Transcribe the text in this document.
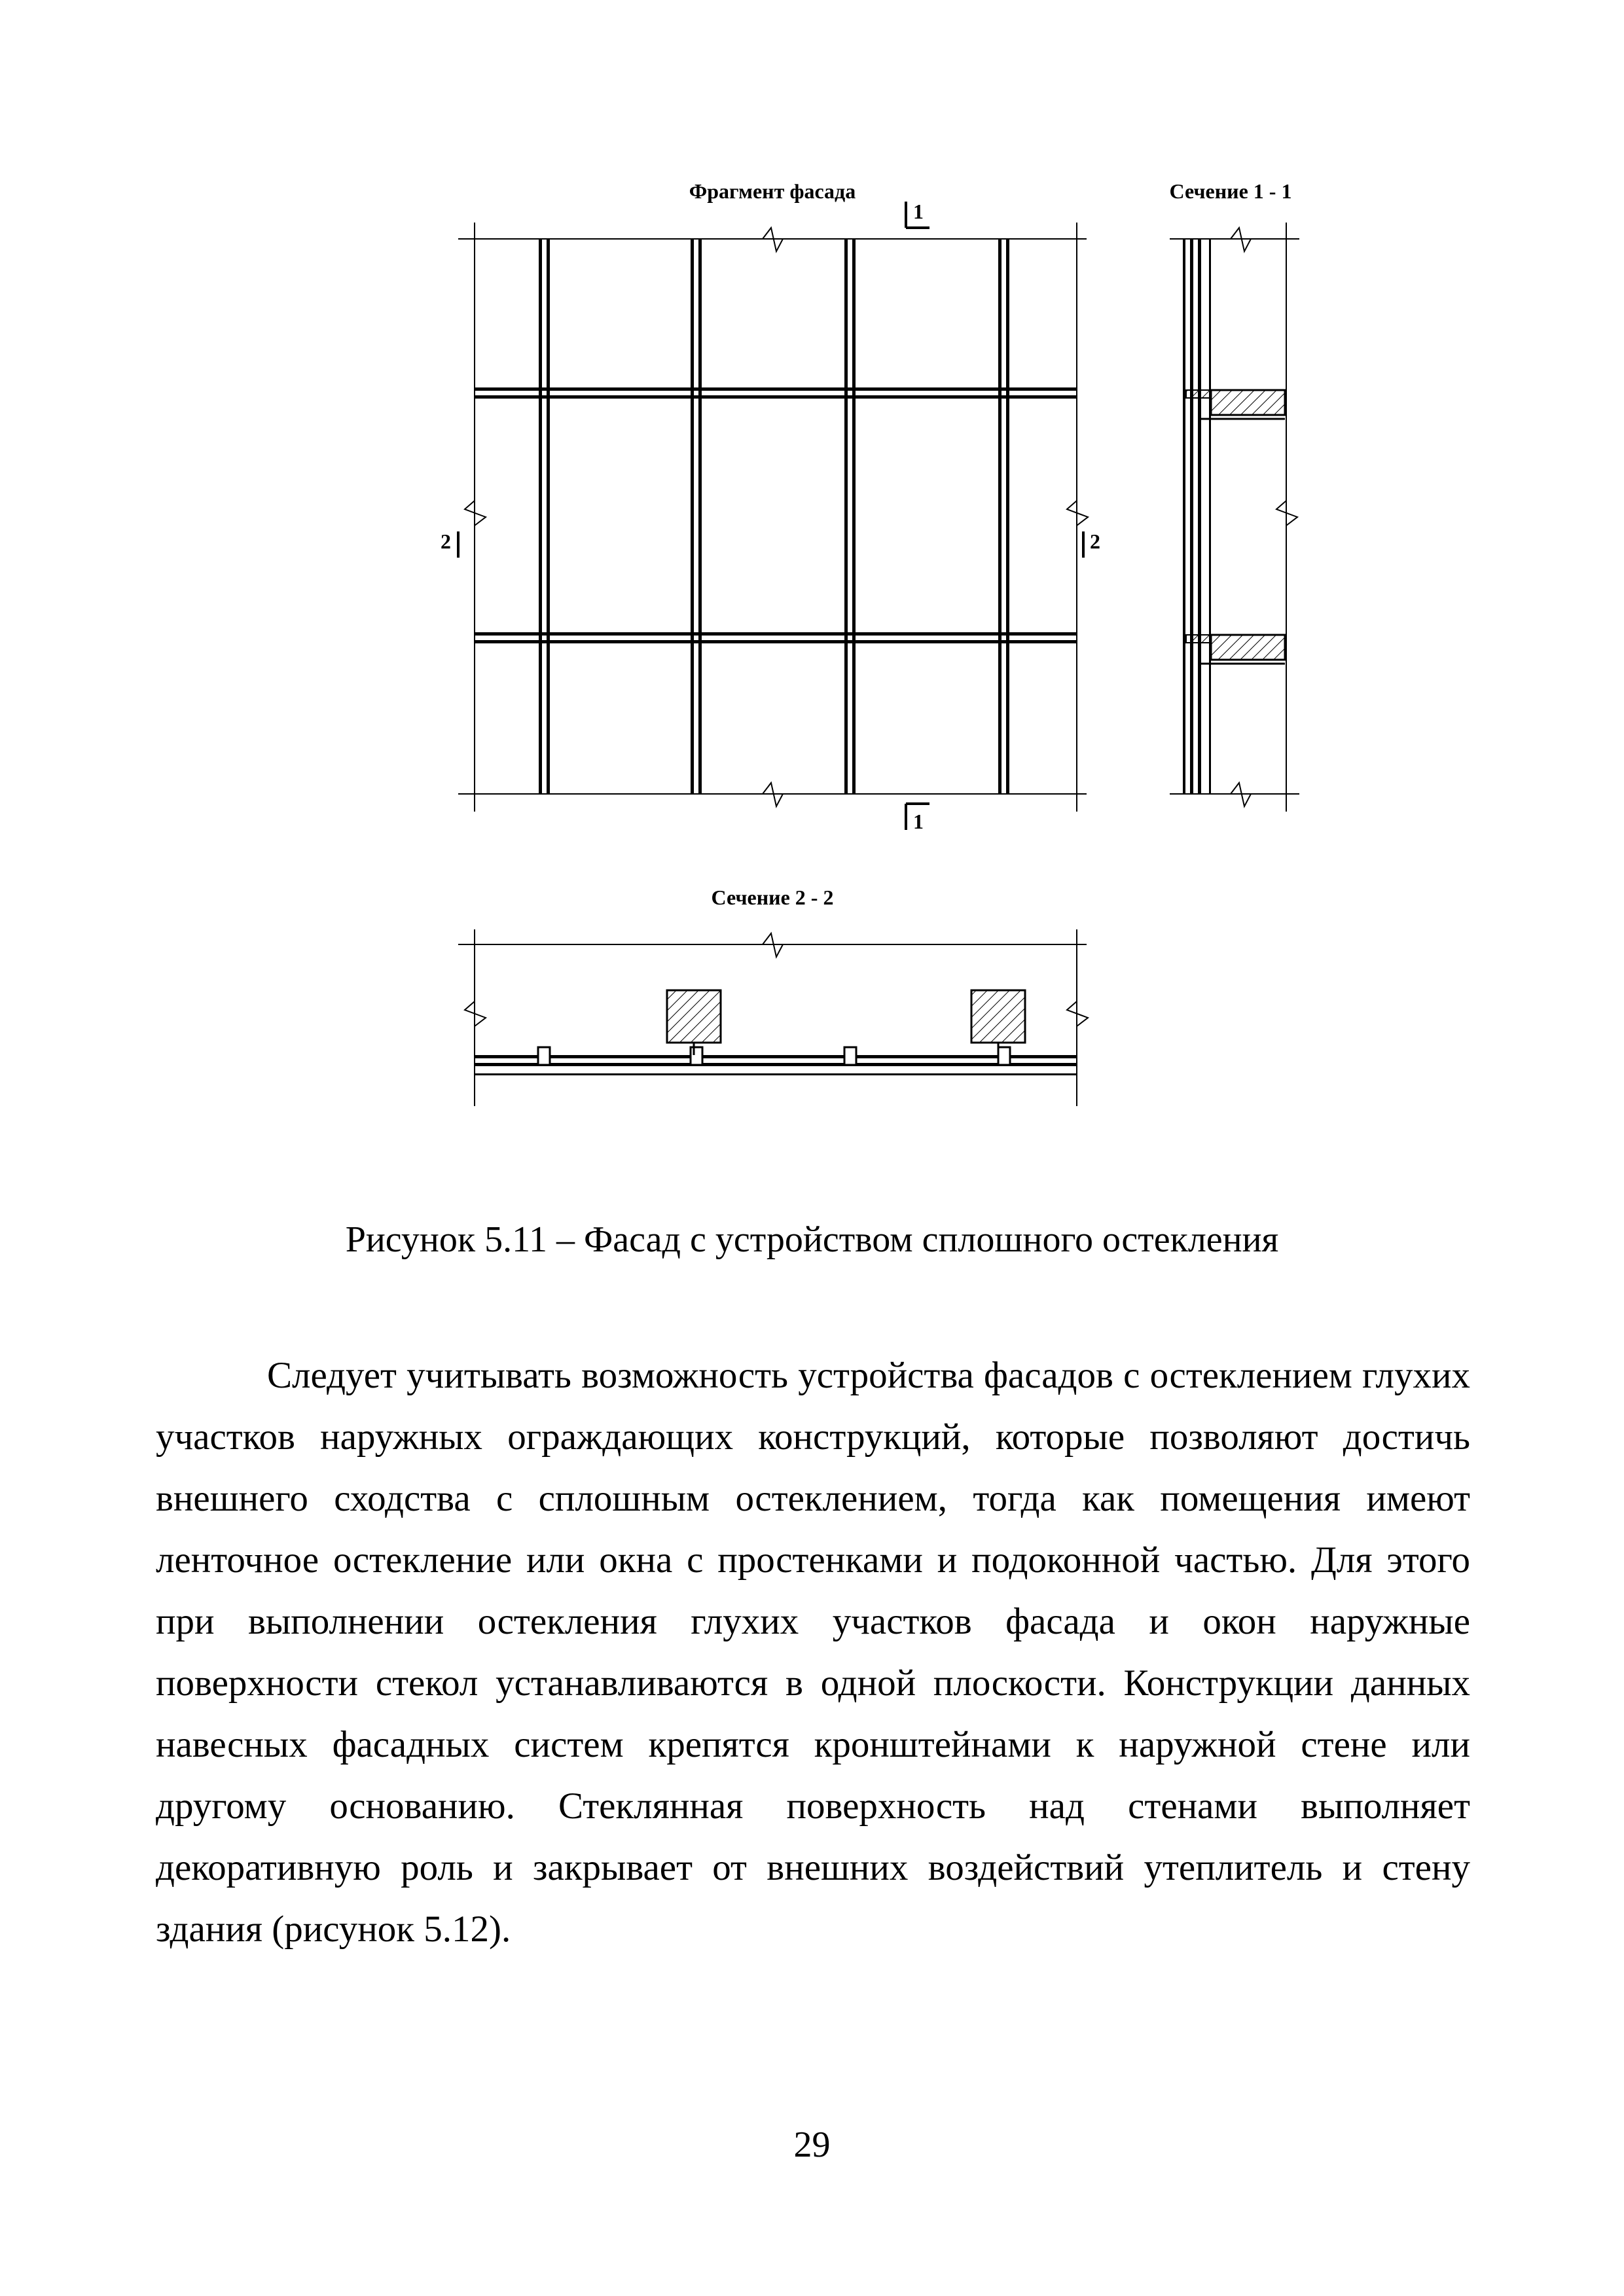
Фрагмент фасада
1
1
2	2
Сечение 1 - 1
Сечение 2 - 2
Рисунок 5.11 – Фасад с устройством сплошного остекления
Следует учитывать возможность устройства фасадов с остеклением глухих участков наружных ограждающих конструкций, которые позволяют достичь внешнего сходства с сплошным остеклением, тогда как помещения имеют ленточное остекление или окна с простенками и подоконной частью. Для этого при выполнении остекления глухих участков фасада и окон наружные поверхности стекол устанавливаются в одной плоскости. Конструкции данных навесных фасадных систем крепятся кронштейнами к наружной стене или другому основанию. Стеклянная поверхность над стенами выполняет декоративную роль и закрывает от внешних воздействий утеплитель и стену здания (рисунок 5.12).
29
